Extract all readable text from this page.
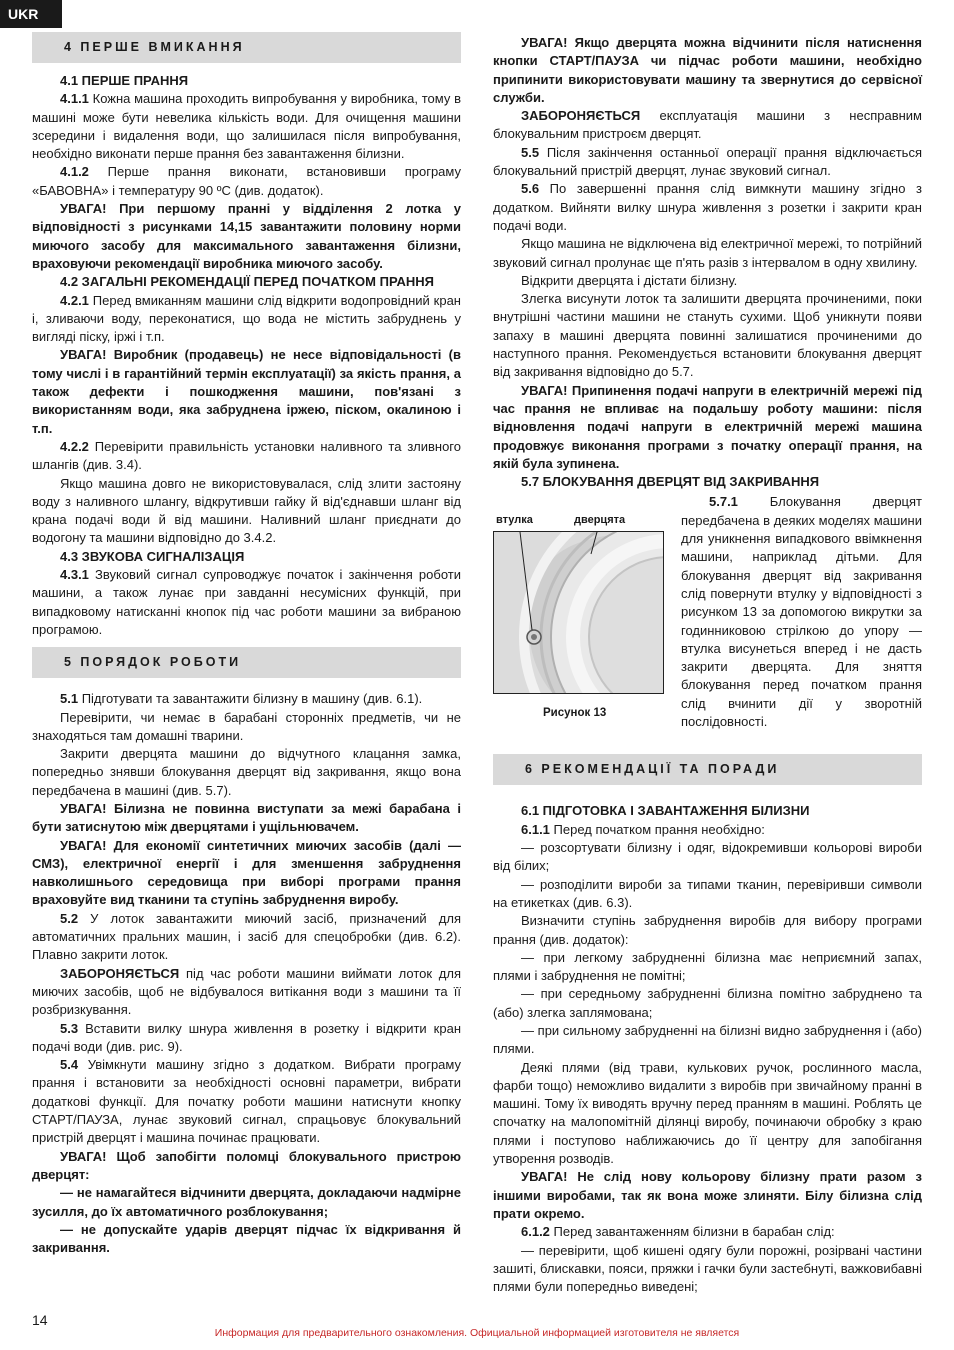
UKR
4 ПЕРШЕ ВМИКАННЯ
4.1 ПЕРШЕ ПРАННЯ
4.1.1 Кожна машина проходить випробування у виробника, тому в машині може бути невелика кількість води. Для очищення машини зсередини і видалення води, що залишилася після випробування, необхідно виконати перше прання без завантаження білизни.
4.1.2 Перше прання виконати, встановивши програму «БАВОВНА» і температуру 90 ºС (див. додаток).
УВАГА! При першому пранні у відділення 2 лотка у відповідності з рисунками 14,15 завантажити половину норми миючого засобу для максимального завантаження білизни, враховуючи рекомендації виробника миючого засобу.
4.2 ЗАГАЛЬНІ РЕКОМЕНДАЦІЇ ПЕРЕД ПОЧАТКОМ ПРАННЯ
4.2.1 Перед вмиканням машини слід відкрити водопровідний кран і, зливаючи воду, переконатися, що вода не містить забруднень у вигляді піску, іржі і т.п.
УВАГА! Виробник (продавець) не несе відповідальності (в тому числі і в гарантійний термін експлуатації) за якість прання, а також дефекти і пошкодження машини, пов'язані з використанням води, яка забруднена іржею, піском, окалиною і т.п.
4.2.2 Перевірити правильність установки наливного та зливного шлангів (див. 3.4).
Якщо машина довго не використовувалася, слід злити застояну воду з наливного шлангу, відкрутивши гайку й від'єднавши шланг від крана подачі води й від машини. Наливний шланг приєднати до водогону та машини відповідно до 3.4.2.
4.3 ЗВУКОВА СИГНАЛІЗАЦІЯ
4.3.1 Звуковий сигнал супроводжує початок і закінчення роботи машини, а також лунає при завданні несумісних функцій, при випадковому натисканні кнопок під час роботи машини за вибраною програмою.
5 ПОРЯДОК РОБОТИ
5.1 Підготувати та завантажити білизну в машину (див. 6.1).
Перевірити, чи немає в барабані сторонніх предметів, чи не знаходяться там домашні тварини.
Закрити дверцята машини до відчутного клацання замка, попередньо знявши блокування дверцят від закривання, якщо вона передбачена в машині (див. 5.7).
УВАГА! Білизна не повинна виступати за межі барабана і бути затиснутою між дверцятами і ущільнювачем.
УВАГА! Для економії синтетичних миючих засобів (далі — СМЗ), електричної енергії і для зменшення забруднення навколишнього середовища при виборі програми прання враховуйте вид тканини та ступінь забруднення виробу.
5.2 У лоток завантажити миючий засіб, призначений для автоматичних пральних машин, і засіб для спецобробки (див. 6.2). Плавно закрити лоток.
ЗАБОРОНЯЄТЬСЯ під час роботи машини виймати лоток для миючих засобів, щоб не відбувалося витікання води з машини та її розбризкування.
5.3 Вставити вилку шнура живлення в розетку і відкрити кран подачі води (див. рис. 9).
5.4 Увімкнути машину згідно з додатком. Вибрати програму прання і встановити за необхідності основні параметри, вибрати додаткові функції. Для початку роботи машини натиснути кнопку СТАРТ/ПАУЗА, лунає звуковий сигнал, спрацьовує блокувальний пристрій дверцят і машина починає працювати.
УВАГА! Щоб запобігти поломці блокувального пристрою дверцят:
— не намагайтеся відчинити дверцята, докладаючи надмірне зусилля, до їх автоматичного розблокування;
— не допускайте ударів дверцят підчас їх відкривання й закривання.
УВАГА! Якщо дверцята можна відчинити після натиснення кнопки СТАРТ/ПАУЗА чи підчас роботи машини, необхідно припинити використовувати машину та звернутися до сервісної служби.
ЗАБОРОНЯЄТЬСЯ експлуатація машини з несправним блокувальним пристроєм дверцят.
5.5 Після закінчення останньої операції прання відключається блокувальний пристрій дверцят, лунає звуковий сигнал.
5.6 По завершенні прання слід вимкнути машину згідно з додатком. Вийняти вилку шнура живлення з розетки і закрити кран подачі води.
Якщо машина не відключена від електричної мережі, то потрійний звуковий сигнал пролунає ще п'ять разів з інтервалом в одну хвилину.
Відкрити дверцята і дістати білизну.
Злегка висунути лоток та залишити дверцята прочиненими, поки внутрішні частини машини не стануть сухими. Щоб уникнути появи запаху в машині дверцята повинні залишатися прочиненими до наступного прання. Рекомендується встановити блокування дверцят від закривання відповідно до 5.7.
УВАГА! Припинення подачі напруги в електричній мережі під час прання не впливає на подальшу роботу машини: після відновлення подачі напруги в електричній мережі машина продовжує виконання програми з початку операції прання, на якій була зупинена.
5.7 БЛОКУВАННЯ ДВЕРЦЯТ ВІД ЗАКРИВАННЯ
втулка	дверцята
Рисунок 13
5.7.1 Блокування дверцят передбачена в деяких моделях машини для уникнення випадкового ввімкнення машини, наприклад дітьми. Для блокування дверцят від закривання слід повернути втулку у відповідності з рисунком 13 за допомогою викрутки за годинниковою стрілкою до упору — втулка висунеться вперед і не дасть закрити дверцята. Для зняття блокування перед початком прання слід вчинити дії у зворотній послідовності.
6 РЕКОМЕНДАЦІЇ ТА ПОРАДИ
6.1 ПІДГОТОВКА І ЗАВАНТАЖЕННЯ БІЛИЗНИ
6.1.1 Перед початком прання необхідно:
— розсортувати білизну і одяг, відокремивши кольорові вироби від білих;
— розподілити вироби за типами тканин, перевіривши символи на етикетках (див. 6.3).
Визначити ступінь забруднення виробів для вибору програми прання (див. додаток):
— при легкому забрудненні білизна має неприємний запах, плями і забруднення не помітні;
— при середньому забрудненні білизна помітно забруднено та (або) злегка заплямована;
— при сильному забрудненні на білизні видно забруднення і (або) плями.
Деякі плями (від трави, кулькових ручок, рослинного масла, фарби тощо) неможливо видалити з виробів при звичайному пранні в машині. Тому їх виводять вручну перед пранням в машині. Роблять це спочатку на малопомітній ділянці виробу, починаючи обробку з краю плями і поступово наближаючись до її центру для запобігання утворення розводів.
УВАГА! Не слід нову кольорову білизну прати разом з іншими виробами, так як вона може злиняти. Білу білизна слід прати окремо.
6.1.2 Перед завантаженням білизни в барабан слід:
— перевірити, щоб кишені одягу були порожні, розірвані частини зашиті, блискавки, пояси, пряжки і гачки були застебнуті, важковибавні плями були попередньо виведені;
14
Информация для предварительного ознакомления. Официальной информацией изготовителя не является
